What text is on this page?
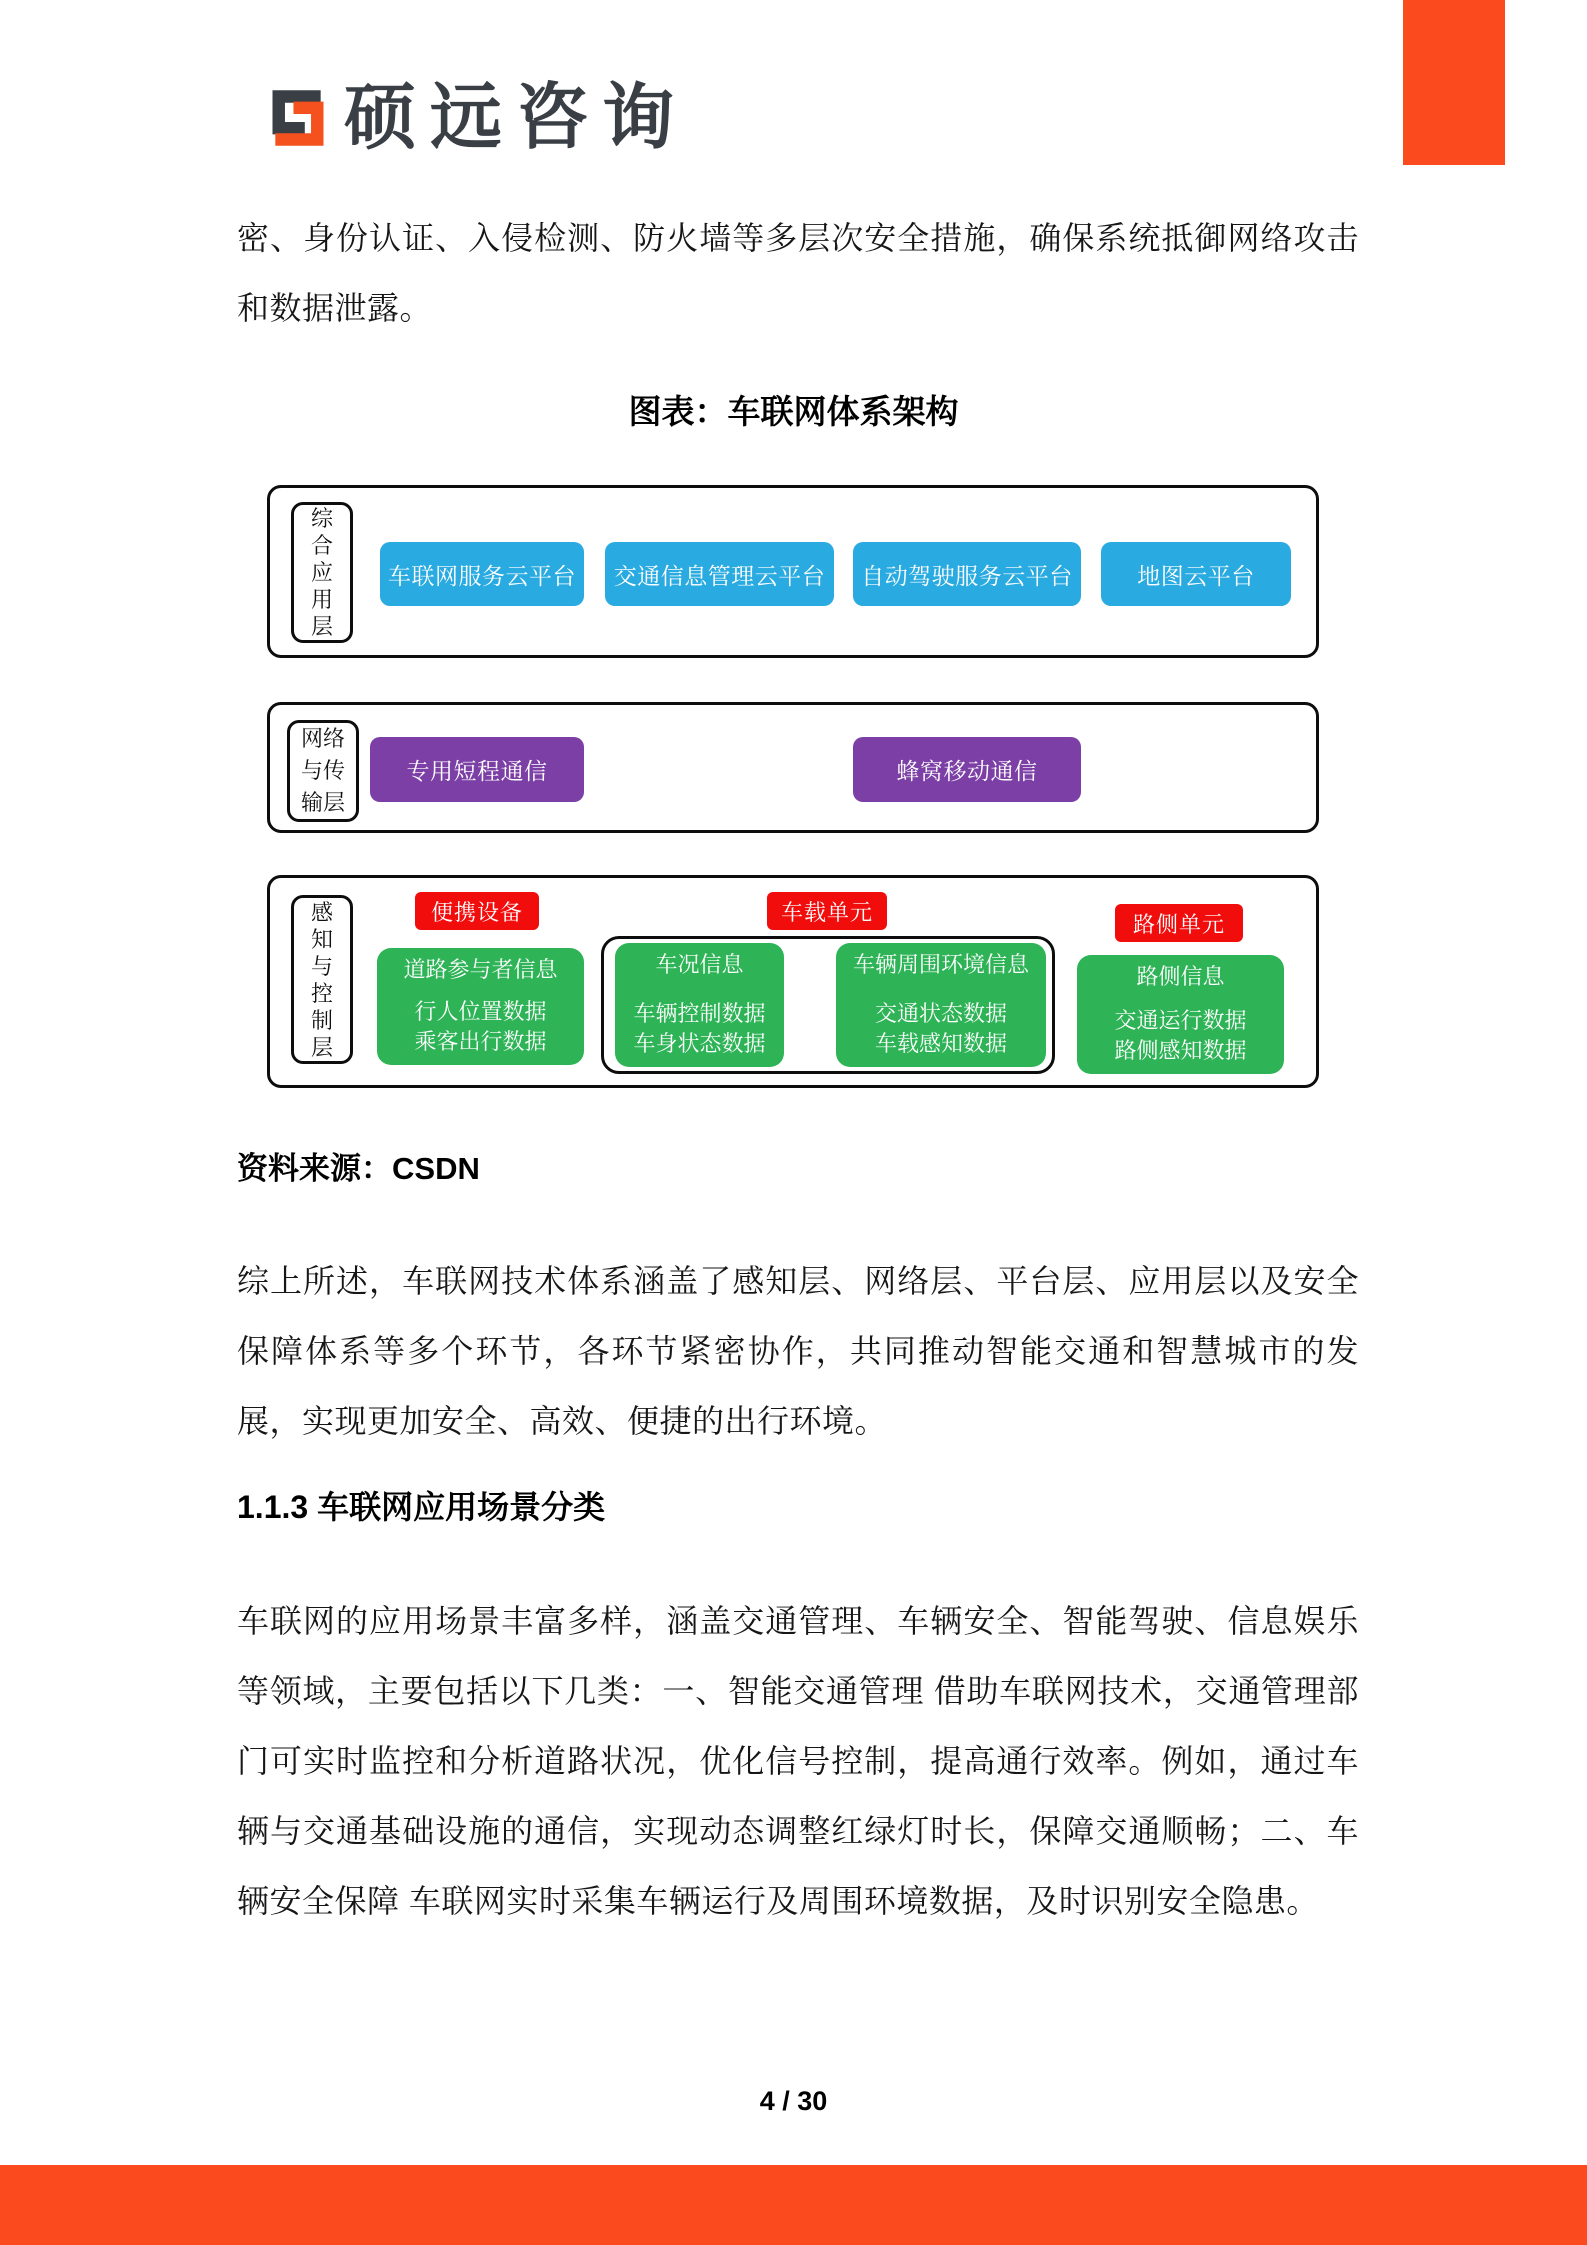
硕远咨询
密、身份认证、入侵检测、防火墙等多层次安全措施，确保系统抵御网络攻击和数据泄露。
图表：车联网体系架构
综合应用层
车联网服务云平台	交通信息管理云平台	自动驾驶服务云平台	地图云平台
网络与传输层
专用短程通信	蜂窝移动通信
感知与控制层
便携设备	车载单元	路侧单元
道路参与者信息
行人位置数据
乘客出行数据
车况信息
车辆控制数据
车身状态数据
车辆周围环境信息
交通状态数据
车载感知数据
路侧信息
交通运行数据
路侧感知数据
资料来源：CSDN
综上所述，车联网技术体系涵盖了感知层、网络层、平台层、应用层以及安全保障体系等多个环节，各环节紧密协作，共同推动智能交通和智慧城市的发展，实现更加安全、高效、便捷的出行环境。
1.1.3 车联网应用场景分类
车联网的应用场景丰富多样，涵盖交通管理、车辆安全、智能驾驶、信息娱乐等领域，主要包括以下几类：一、智能交通管理 借助车联网技术，交通管理部门可实时监控和分析道路状况，优化信号控制，提高通行效率。例如，通过车辆与交通基础设施的通信，实现动态调整红绿灯时长，保障交通顺畅；二、车辆安全保障 车联网实时采集车辆运行及周围环境数据，及时识别安全隐患。
4 / 30
